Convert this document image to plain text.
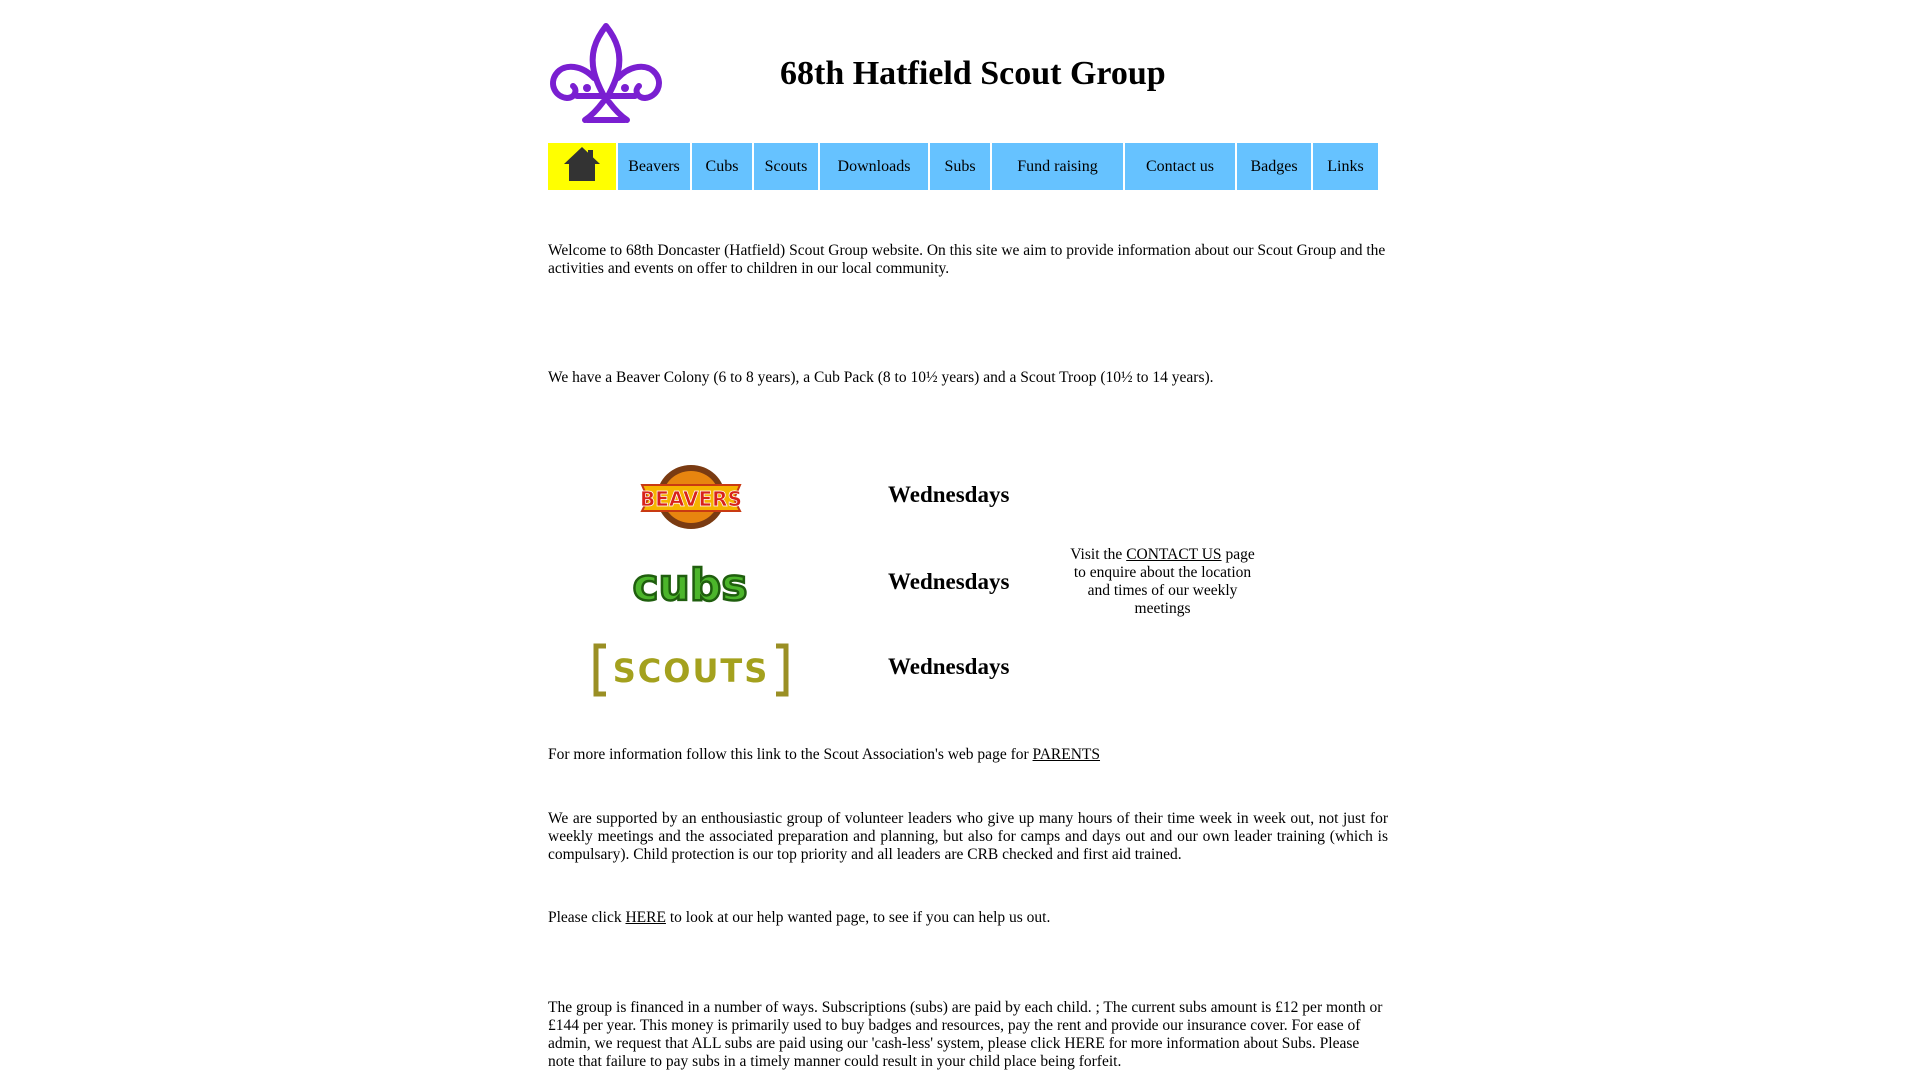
68th Hatfield Scout Group
Beavers	Cubs	Scouts	Downloads	Subs	Fund raising	Contact us	Badges	Links
Welcome to 68th Doncaster (Hatfield) Scout Group website. On this site we aim to provide information about our Scout Group and the activities and events on offer to children in our local community.
We have a Beaver Colony (6 to 8 years), a Cub Pack (8 to 10½ years) and a Scout Troop (10½ to 14 years).
BEAVERS	Wednesdays
cubs	Wednesdays
SCOUTS	Wednesdays
Visit the CONTACT US page to enquire about the location and times of our weekly meetings
For more information follow this link to the Scout Association's web page for PARENTS
We are supported by an enthousiastic group of volunteer leaders who give up many hours of their time week in week out, not just for weekly meetings and the associated preparation and planning, but also for camps and days out and our own leader training (which is compulsary). Child protection is our top priority and all leaders are CRB checked and first aid trained.
Please click HERE to look at our help wanted page, to see if you can help us out.
The group is financed in a number of ways. Subscriptions (subs) are paid by each child. ; The current subs amount is £12 per month or £144 per year. This money is primarily used to buy badges and resources, pay the rent and provide our insurance cover. For ease of admin, we request that ALL subs are paid using our 'cash-less' system, please click HERE for more information about Subs. Please note that failure to pay subs in a timely manner could result in your child place being forfeit.
